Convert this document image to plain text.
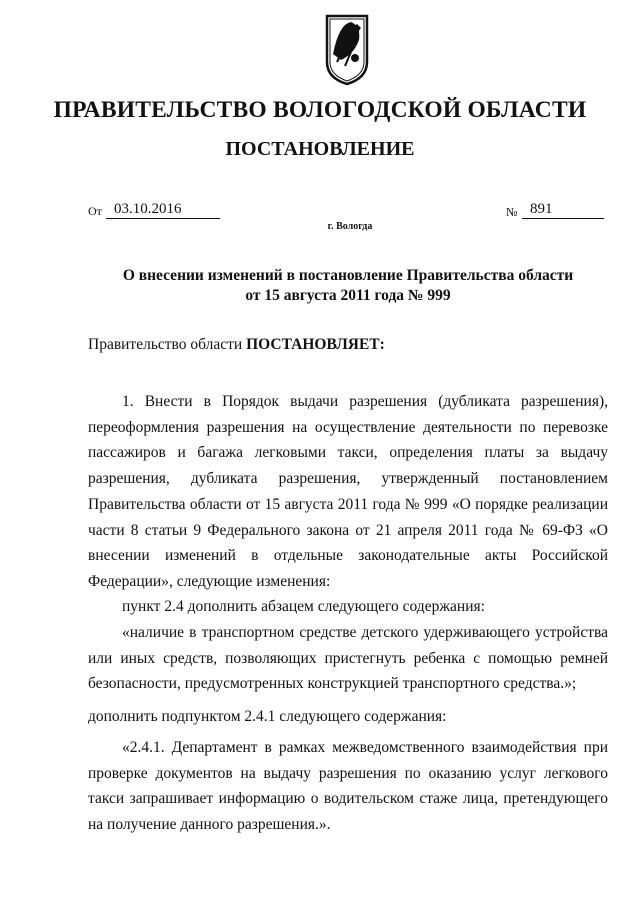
ПРАВИТЕЛЬСТВО ВОЛОГОДСКОЙ ОБЛАСТИ
ПОСТАНОВЛЕНИЕ
От 03.10.2016	№ 891
г. Вологда
О внесении изменений в постановление Правительства области
от 15 августа 2011 года № 999
Правительство области ПОСТАНОВЛЯЕТ:
1. Внести в Порядок выдачи разрешения (дубликата разрешения), переоформления разрешения на осуществление деятельности по перевозке пассажиров и багажа легковыми такси, определения платы за выдачу разрешения, дубликата разрешения, утвержденный постановлением Правительства области от 15 августа 2011 года № 999 «О порядке реализации части 8 статьи 9 Федерального закона от 21 апреля 2011 года № 69-ФЗ «О внесении изменений в отдельные законодательные акты Российской Федерации», следующие изменения:
пункт 2.4 дополнить абзацем следующего содержания:
«наличие в транспортном средстве детского удерживающего устройства или иных средств, позволяющих пристегнуть ребенка с помощью ремней безопасности, предусмотренных конструкцией транспортного средства.»;
дополнить подпунктом 2.4.1 следующего содержания:
«2.4.1. Департамент в рамках межведомственного взаимодействия при проверке документов на выдачу разрешения по оказанию услуг легкового такси запрашивает информацию о водительском стаже лица, претендующего на получение данного разрешения.».
